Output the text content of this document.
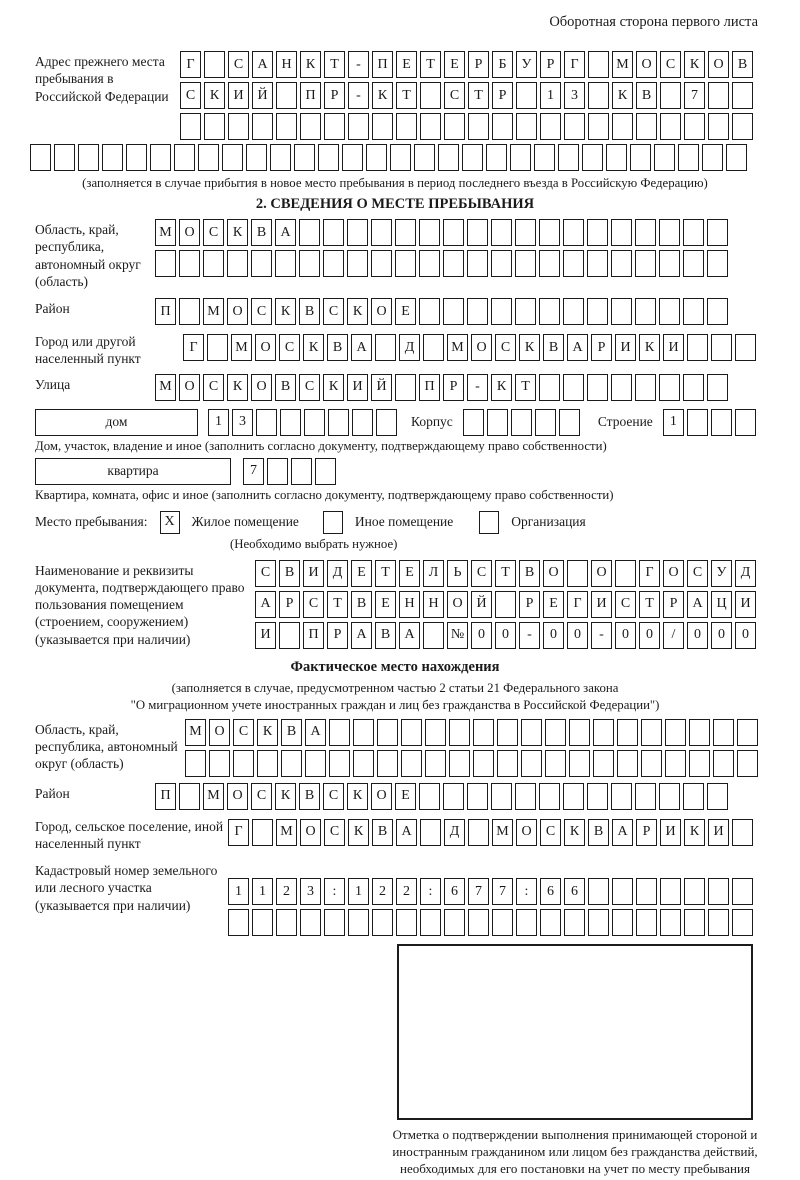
Оборотная сторона первого листа
Адрес прежнего места пребывания в Российской Федерации
Г	С	А Н	К	Т	-	П	Е	Т	Е	Р	Б	У	Р	Г	М О	С	К	О	В
С	К	И Й	П	Р	-	К	Т	С	Т	Р	1	3	К	В	7
(заполняется в случае прибытия в новое место пребывания в период последнего въезда в Российскую Федерацию)
2. СВЕДЕНИЯ О МЕСТЕ ПРЕБЫВАНИЯ
Область, край, республика, автономный округ (область)
М О	С	К	В	А
Район	П	М О	С	К	В	С	К	О	Е
Город или другой населенный пункт
Г	М О	С	К	В	А	Д	М О	С	К	В	А	Р	И	К	И
Улица	М О	С	К	О	В	С	К	И Й	П	Р	-	К	Т
дом	1	3	Корпус	Строение	1
Дом, участок, владение и иное (заполнить согласно документу, подтверждающему право собственности)
квартира	7
Квартира, комната, офис и иное (заполнить согласно документу, подтверждающему право собственности)
Место пребывания:	X	Жилое помещение	Иное помещение	Организация
(Необходимо выбрать нужное)
Наименование и реквизиты документа, подтверждающего право пользования помещением (строением, сооружением) (указывается при наличии)
С	В	И	Д	Е	Т	Е	Л	Ь	С	Т	В	О	О	Г	О	С	У	Д
А	Р	С	Т	В	Е	Н Н О Й	Р	Е	Г	И	С	Т	Р	А Ц И
И	П	Р	А	В	А	№ 0	0	-	0	0	-	0	0	/	0	0	0
Фактическое место нахождения
(заполняется в случае, предусмотренном частью 2 статьи 21 Федерального закона
"О миграционном учете иностранных граждан и лиц без гражданства в Российской Федерации")
Область, край, республика, автономный округ (область)
М О	С	К	В	А
Район	П	М О	С	К	В	С	К	О	Е
Город, сельское поселение, иной населенный пункт
Г	М О	С	К	В	А	Д	М О	С	К	В	А	Р	И	К	И
Кадастровый номер земельного или лесного участка (указывается при наличии)
1	1	2	3	:	1	2	2	:	6	7	7	:	6	6
Отметка о подтверждении выполнения принимающей стороной и иностранным гражданином или лицом без гражданства действий, необходимых для его постановки на учет по месту пребывания
